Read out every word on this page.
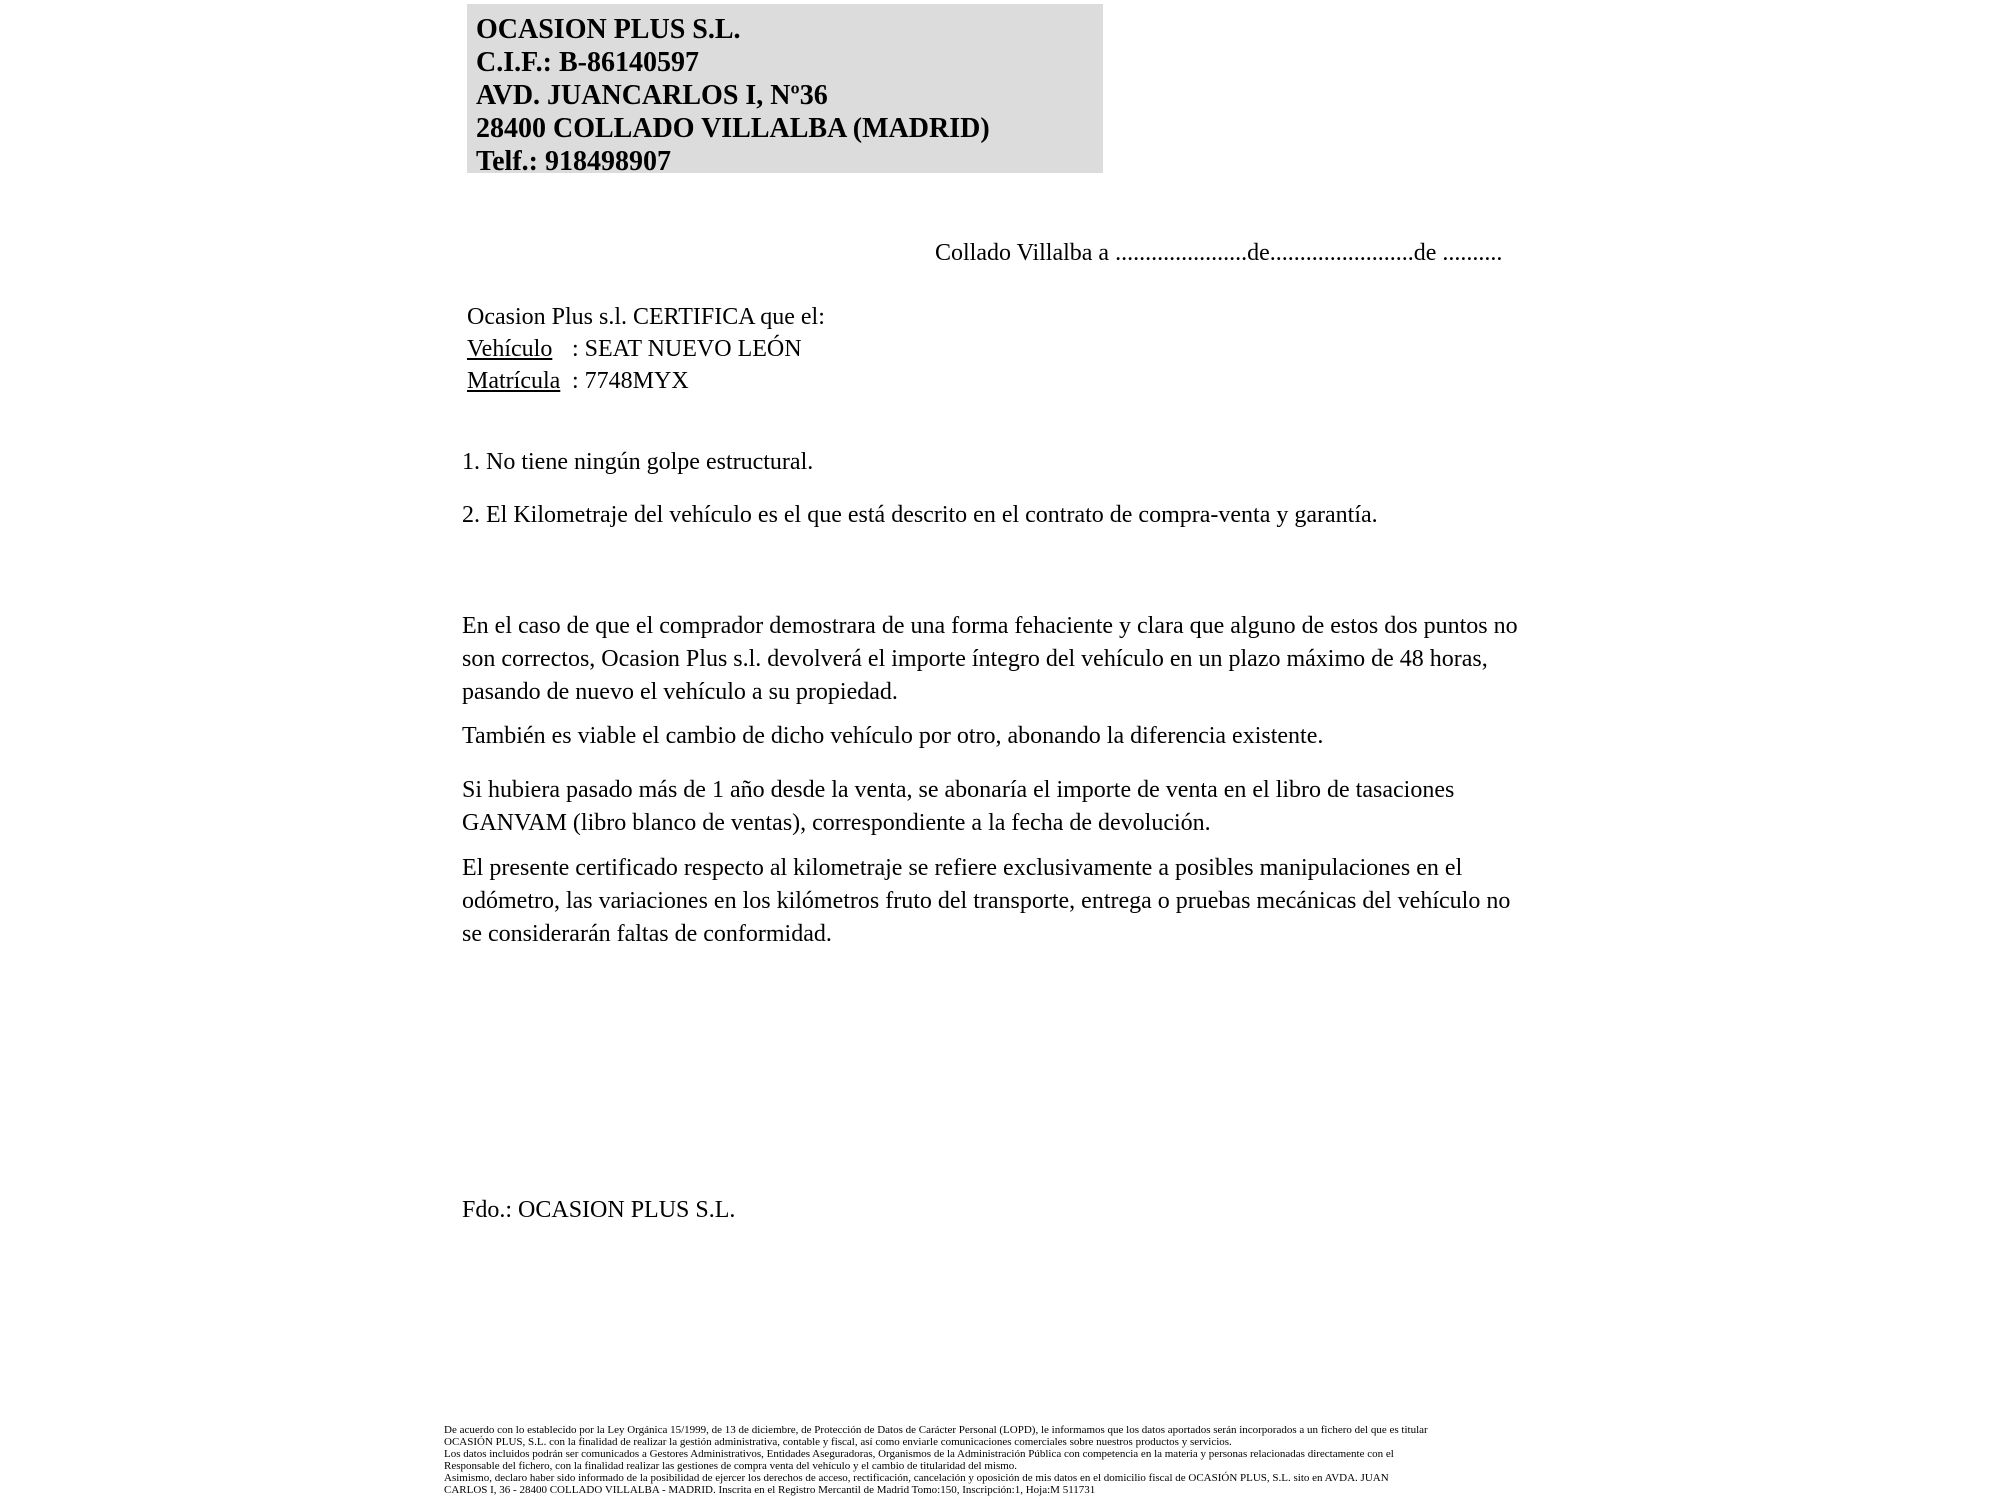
OCASION PLUS S.L.
C.I.F.: B-86140597
AVD. JUANCARLOS I, Nº36
28400 COLLADO VILLALBA (MADRID)
Telf.: 918498907
Collado Villalba a ......................de........................de ..........
Ocasion Plus s.l. CERTIFICA que el:
Vehículo : SEAT NUEVO LEÓN
Matrícula : 7748MYX
1. No tiene ningún golpe estructural.
2. El Kilometraje del vehículo es el que está descrito en el contrato de compra-venta y garantía.
En el caso de que el comprador demostrara de una forma fehaciente y clara que alguno de estos dos puntos no
son correctos, Ocasion Plus s.l. devolverá el importe íntegro del vehículo en un plazo máximo de 48 horas,
pasando de nuevo el vehículo a su propiedad.
También es viable el cambio de dicho vehículo por otro, abonando la diferencia existente.
Si hubiera pasado más de 1 año desde la venta, se abonaría el importe de venta en el libro de tasaciones
GANVAM (libro blanco de ventas), correspondiente a la fecha de devolución.
El presente certificado respecto al kilometraje se refiere exclusivamente a posibles manipulaciones en el
odómetro, las variaciones en los kilómetros fruto del transporte, entrega o pruebas mecánicas del vehículo no
se considerarán faltas de conformidad.
Fdo.: OCASION PLUS S.L.
De acuerdo con lo establecido por la Ley Orgánica 15/1999, de 13 de diciembre, de Protección de Datos de Carácter Personal (LOPD), le informamos que los datos aportados serán incorporados a un fichero del que es titular
OCASIÓN PLUS, S.L. con la finalidad de realizar la gestión administrativa, contable y fiscal, así como enviarle comunicaciones comerciales sobre nuestros productos y servicios.
Los datos incluidos podrán ser comunicados a Gestores Administrativos, Entidades Aseguradoras, Organismos de la Administración Pública con competencia en la materia y personas relacionadas directamente con el
Responsable del fichero, con la finalidad realizar las gestiones de compra venta del vehículo y el cambio de titularidad del mismo.
Asimismo, declaro haber sido informado de la posibilidad de ejercer los derechos de acceso, rectificación, cancelación y oposición de mis datos en el domicilio fiscal de OCASIÓN PLUS, S.L. sito en AVDA. JUAN
CARLOS I, 36 - 28400 COLLADO VILLALBA - MADRID. Inscrita en el Registro Mercantil de Madrid Tomo:150, Inscripción:1, Hoja:M 511731
